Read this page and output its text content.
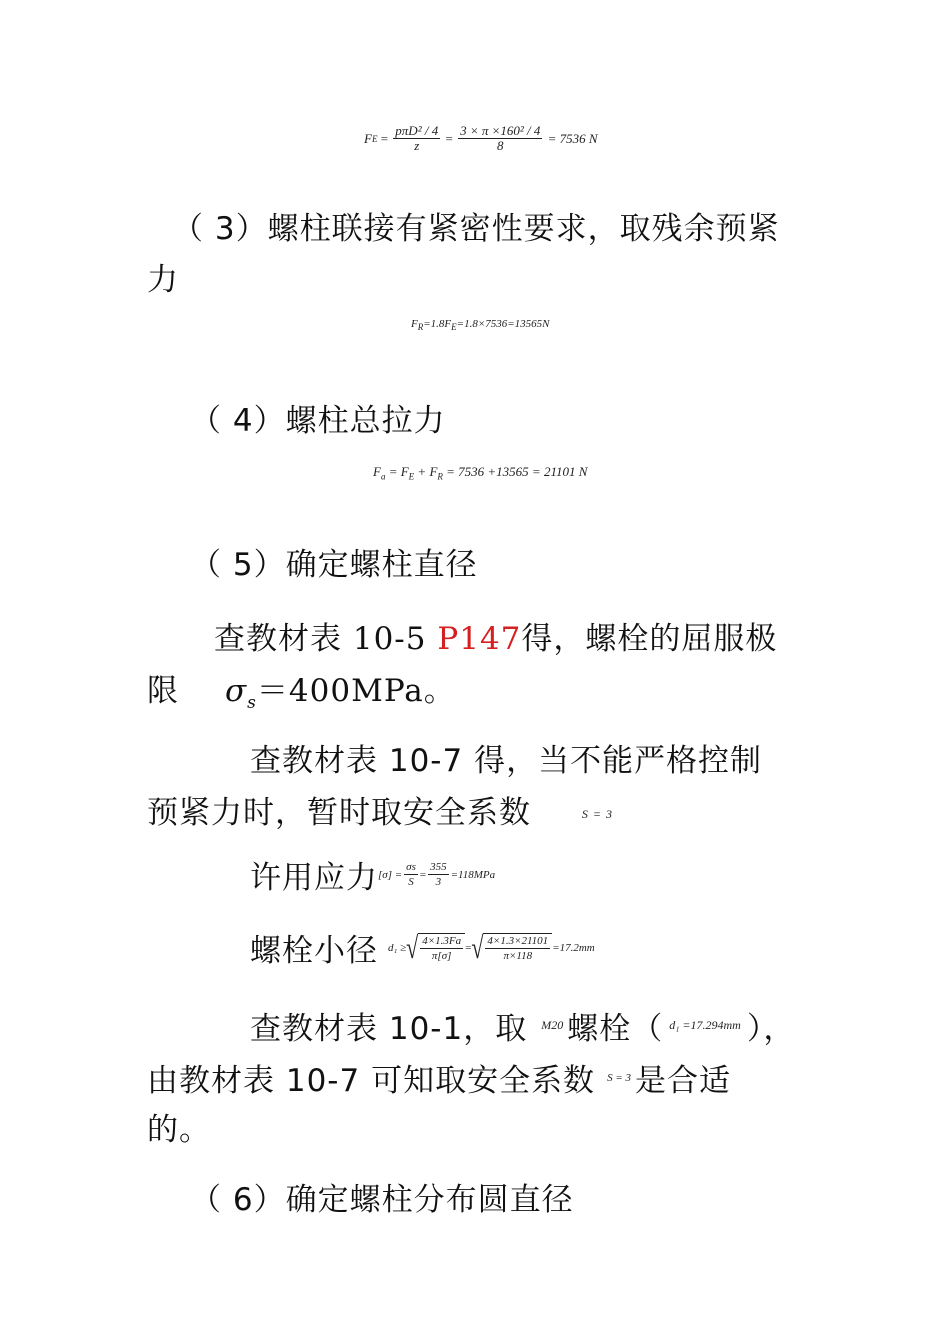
F $E = \frac{\text{pπD² / 4}}{z} = \frac{\text{3 × π ×160² / 4}}{8}$
= 7536 N
（ 3）螺柱联接有紧密性要求，取残余预紧
力
$F_R=1.8F_E=1.8\times 7536=13565N$
（ 4）螺柱总拉力
$F_a = F_E + F_R = 7536 +13565 = 21101$ N
（ 5）确定螺柱直径
查教材表 10-5 P147得，螺栓的屈服极
限 $\sigma_s=400MPa$。
查教材表 10-7 得，当不能严格控制
预紧力时，暂时取安全系数	S = 3
许用应力 $[\sigma] = \frac{\sigma s}{S} = \frac{355}{3} =118MPa$
螺栓小径 d₁ ≥ √ $\frac{4\times 1.3Fa}{\pi[\sigma]}$ = √ $\frac{4\times 1.3\times 21101}{\pi\times 118} =17.2mm$
查教材表 10-1，取 M20 螺栓（ d₁ =17.294mm ），
由教材表 10-7 可知取安全系数 S = 3 是合适
的。
（ 6）确定螺柱分布圆直径
